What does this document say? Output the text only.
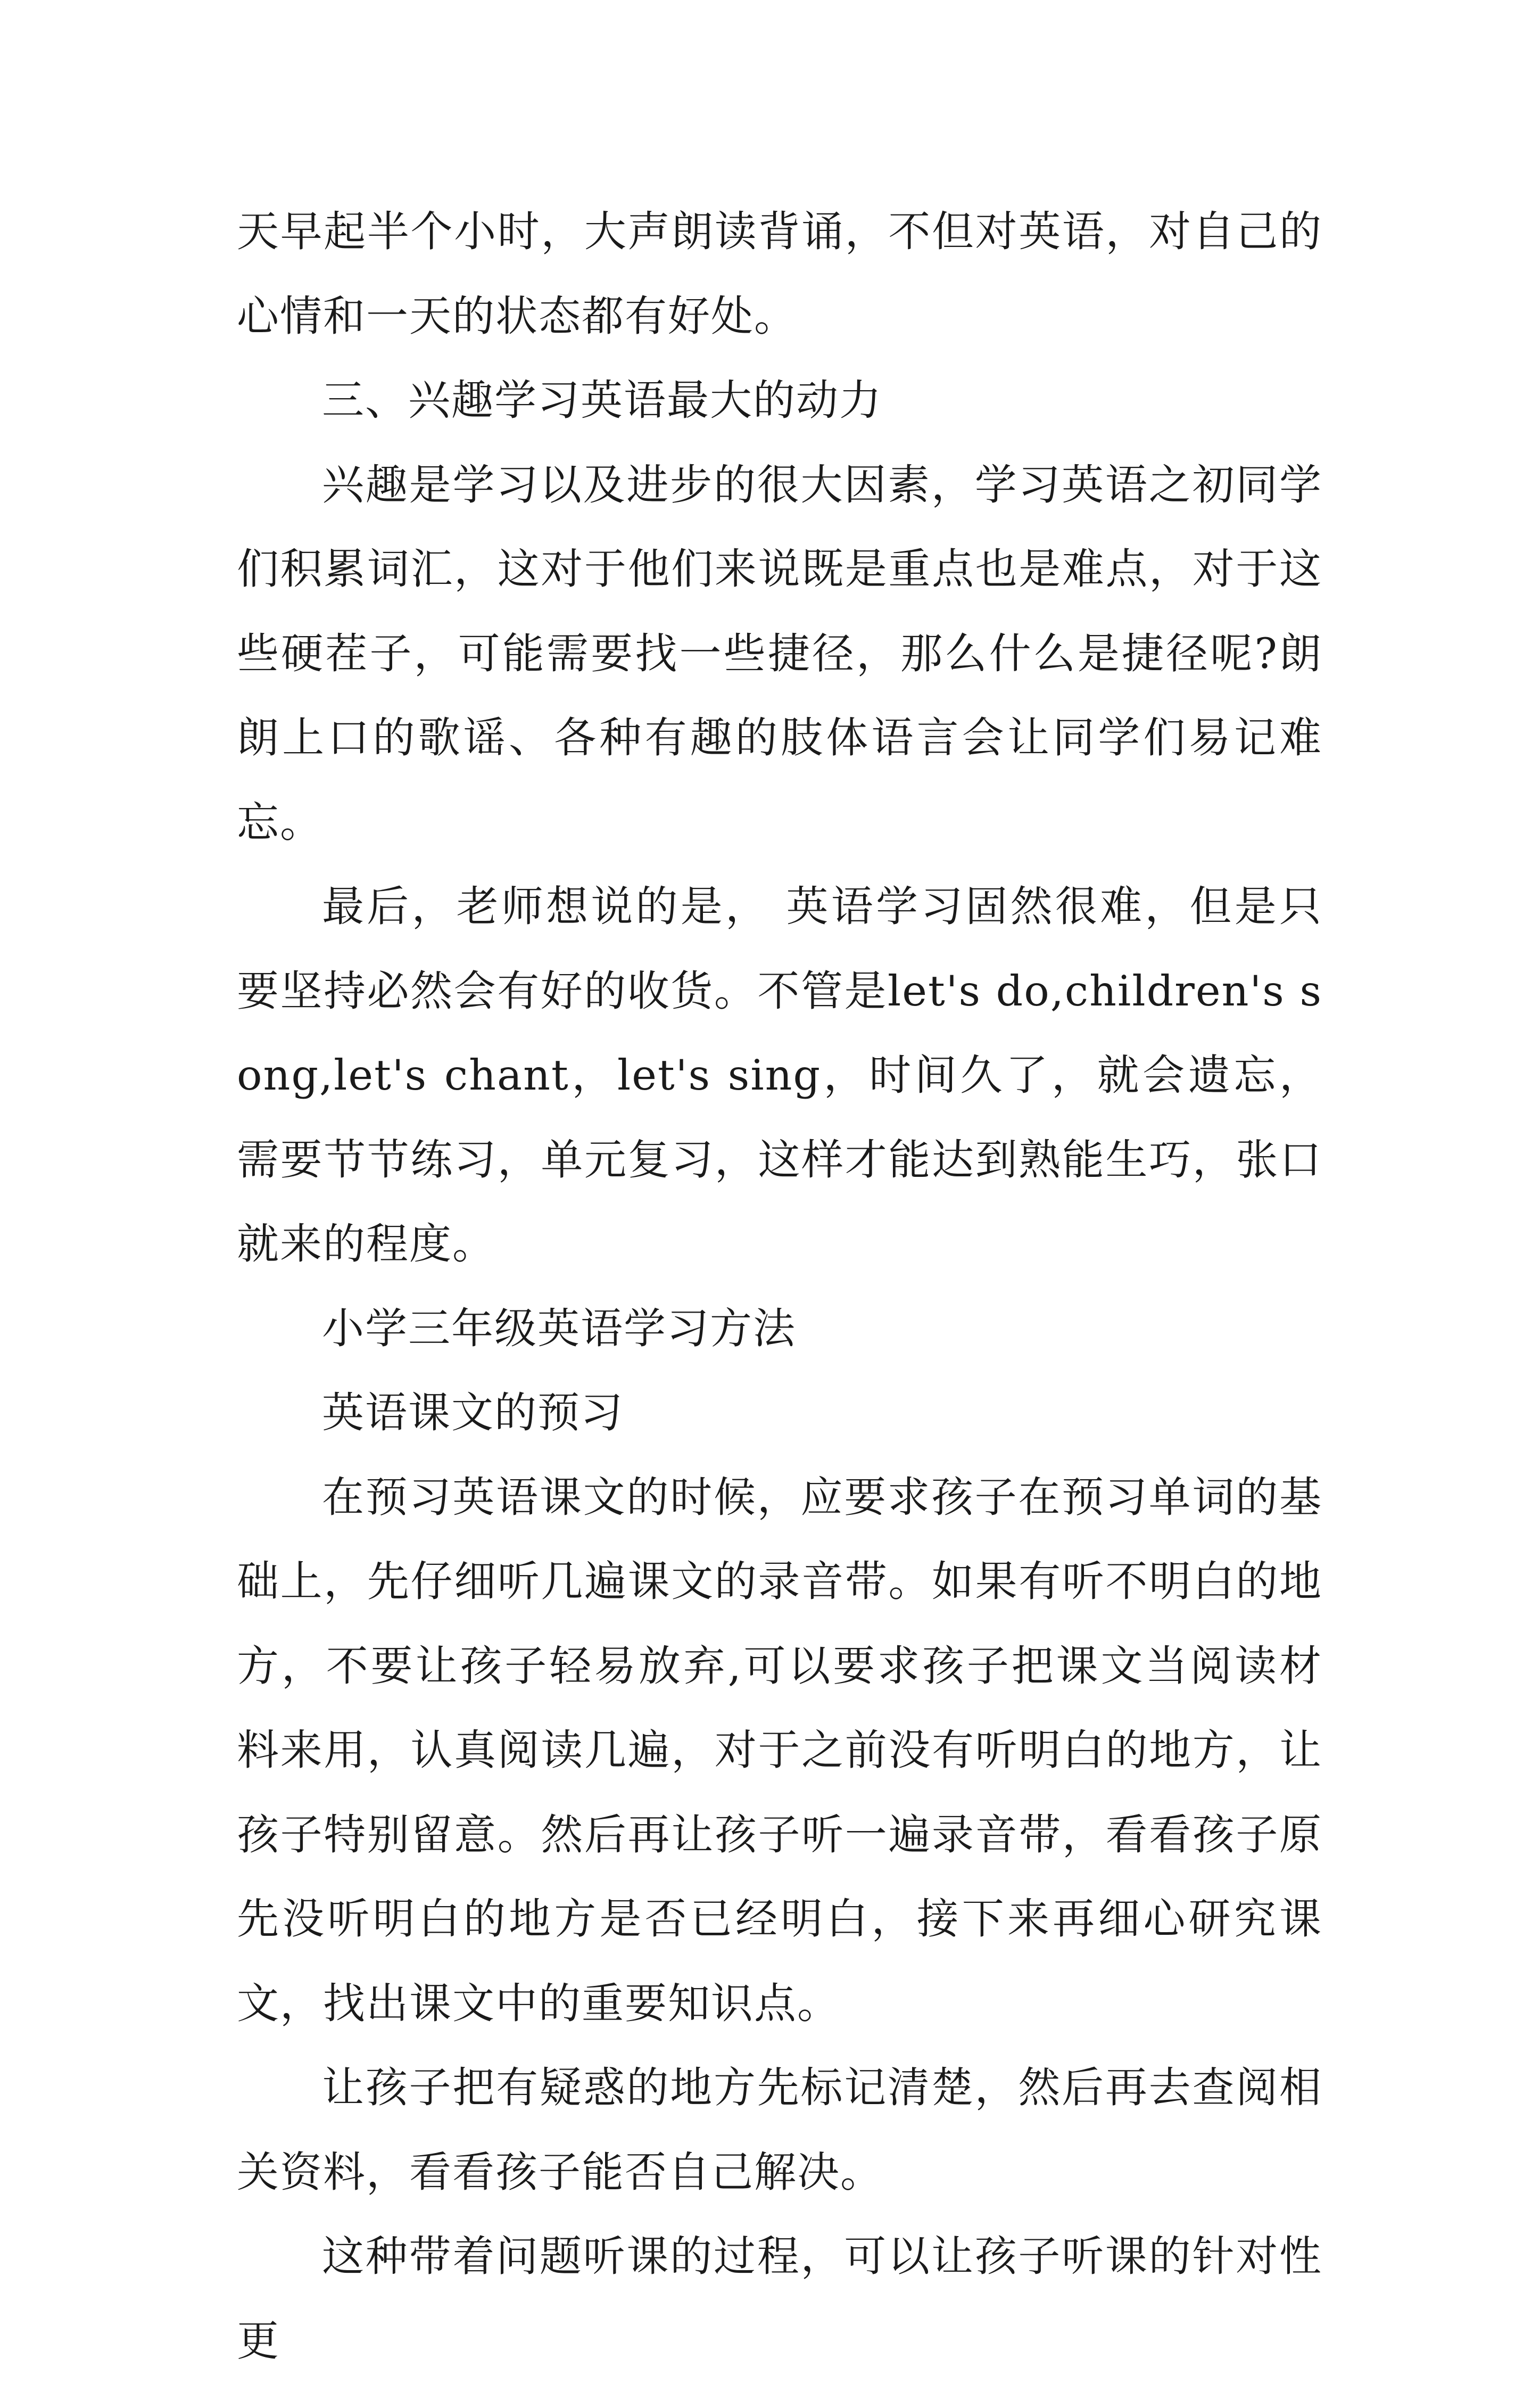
天早起半个小时，大声朗读背诵，不但对英语，对自己的心情和一天的状态都有好处。

三、兴趣学习英语最大的动力

兴趣是学习以及进步的很大因素，学习英语之初同学们积累词汇，这对于他们来说既是重点也是难点，对于这些硬茬子，可能需要找一些捷径，那么什么是捷径呢?朗朗上口的歌谣、各种有趣的肢体语言会让同学们易记难忘。

最后，老师想说的是， 英语学习固然很难，但是只要坚持必然会有好的收货。不管是let's do,children's song,let's chant，let's sing，时间久了，就会遗忘，需要节节练习，单元复习，这样才能达到熟能生巧，张口就来的程度。

小学三年级英语学习方法

英语课文的预习

在预习英语课文的时候，应要求孩子在预习单词的基础上，先仔细听几遍课文的录音带。如果有听不明白的地方，不要让孩子轻易放弃,可以要求孩子把课文当阅读材料来用，认真阅读几遍，对于之前没有听明白的地方，让孩子特别留意。然后再让孩子听一遍录音带，看看孩子原先没听明白的地方是否已经明白，接下来再细心研究课文，找出课文中的重要知识点。

让孩子把有疑惑的地方先标记清楚，然后再去查阅相关资料，看看孩子能否自己解决。

这种带着问题听课的过程，可以让孩子听课的针对性更
